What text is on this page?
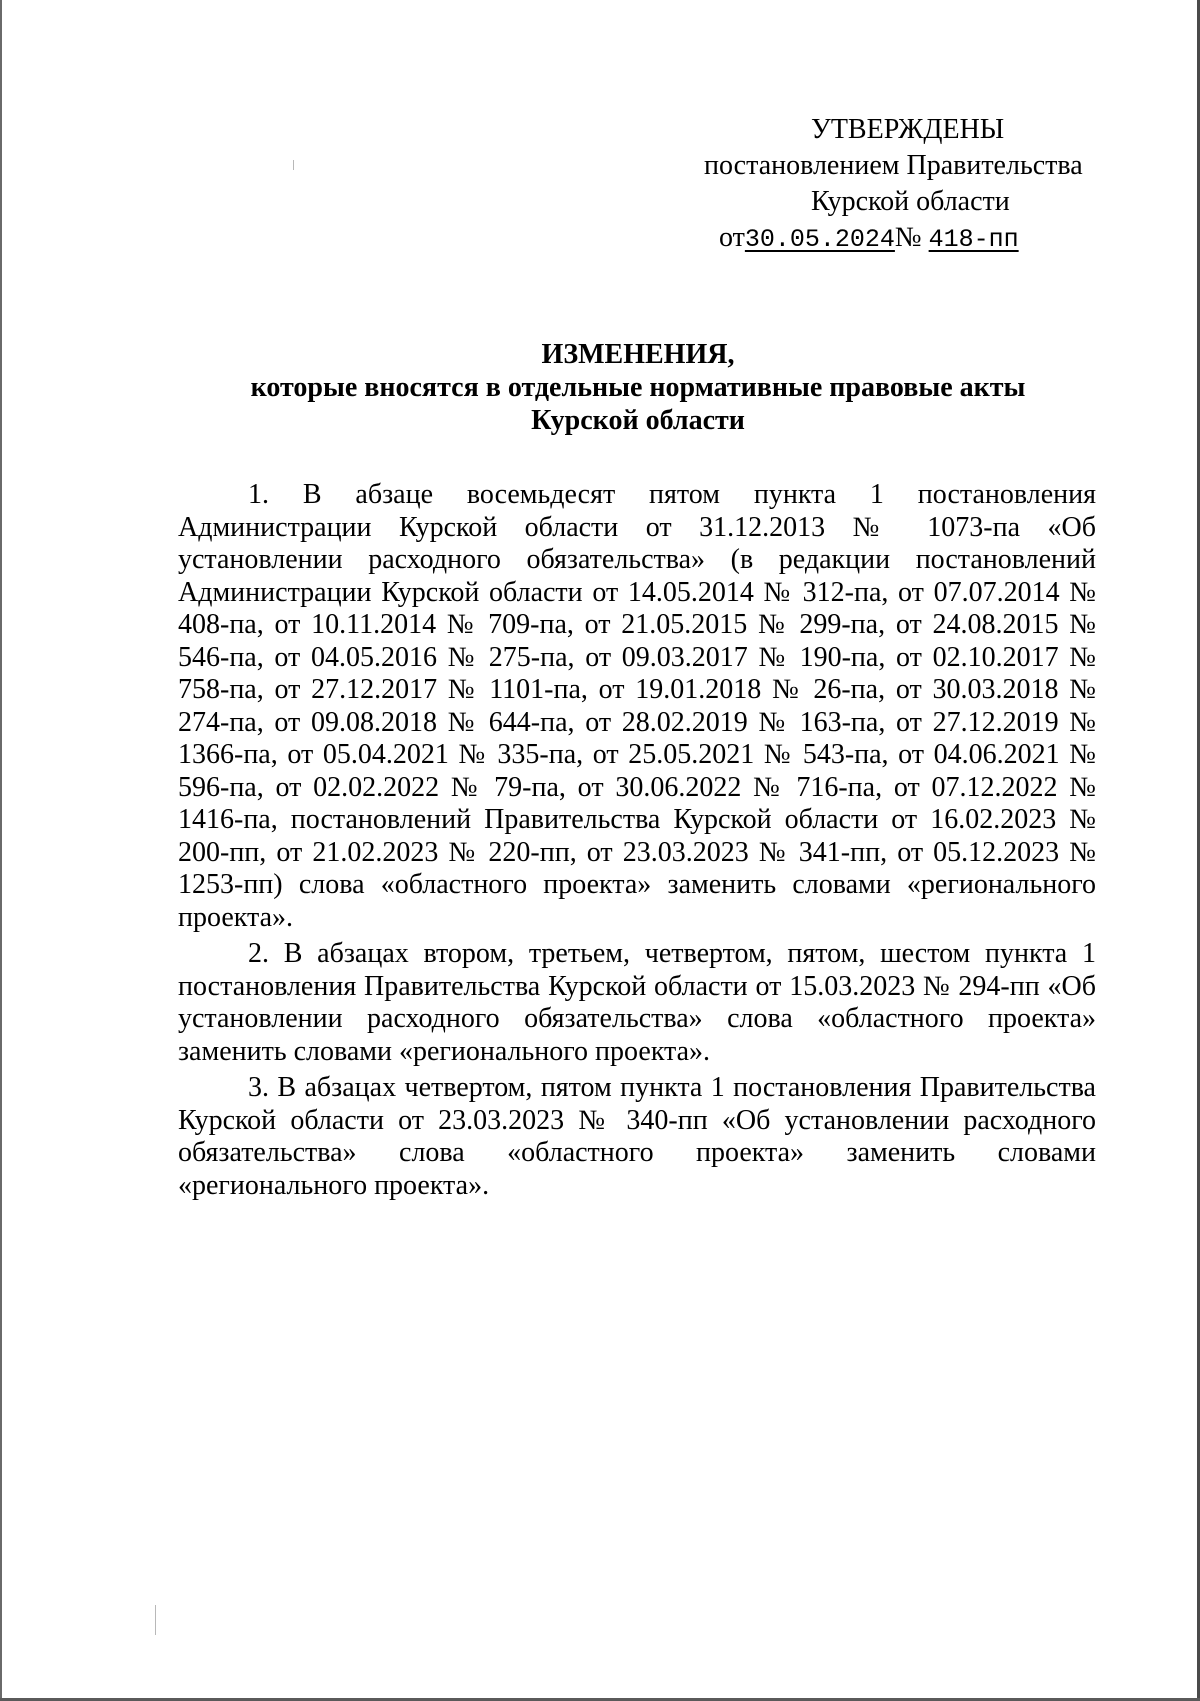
УТВЕРЖДЕНЫ
постановлением Правительства
Курской области
от30.05.2024№ 418-пп
ИЗМЕНЕНИЯ,
которые вносятся в отдельные нормативные правовые акты
Курской области

1. В абзаце восемьдесят пятом пункта 1 постановления Администрации Курской области от 31.12.2013 № 1073-па «Об установлении расходного обязательства» (в редакции постановлений Администрации Курской области от 14.05.2014 № 312-па, от 07.07.2014 № 408-па, от 10.11.2014 № 709-па, от 21.05.2015 № 299-па, от 24.08.2015 № 546-па, от 04.05.2016 № 275-па, от 09.03.2017 № 190-па, от 02.10.2017 № 758-па, от 27.12.2017 № 1101-па, от 19.01.2018 № 26-па, от 30.03.2018 № 274-па, от 09.08.2018 № 644-па, от 28.02.2019 № 163-па, от 27.12.2019 № 1366-па, от 05.04.2021 № 335-па, от 25.05.2021 № 543-па, от 04.06.2021 № 596-па, от 02.02.2022 № 79-па, от 30.06.2022 № 716-па, от 07.12.2022 № 1416-па, постановлений Правительства Курской области от 16.02.2023 № 200-пп, от 21.02.2023 № 220-пп, от 23.03.2023 № 341-пп, от 05.12.2023 № 1253-пп) слова «областного проекта» заменить словами «регионального проекта».

2. В абзацах втором, третьем, четвертом, пятом, шестом пункта 1 постановления Правительства Курской области от 15.03.2023 № 294-пп «Об установлении расходного обязательства» слова «областного проекта» заменить словами «регионального проекта».

3. В абзацах четвертом, пятом пункта 1 постановления Правительства Курской области от 23.03.2023 № 340-пп «Об установлении расходного обязательства» слова «областного проекта» заменить словами «регионального проекта».
